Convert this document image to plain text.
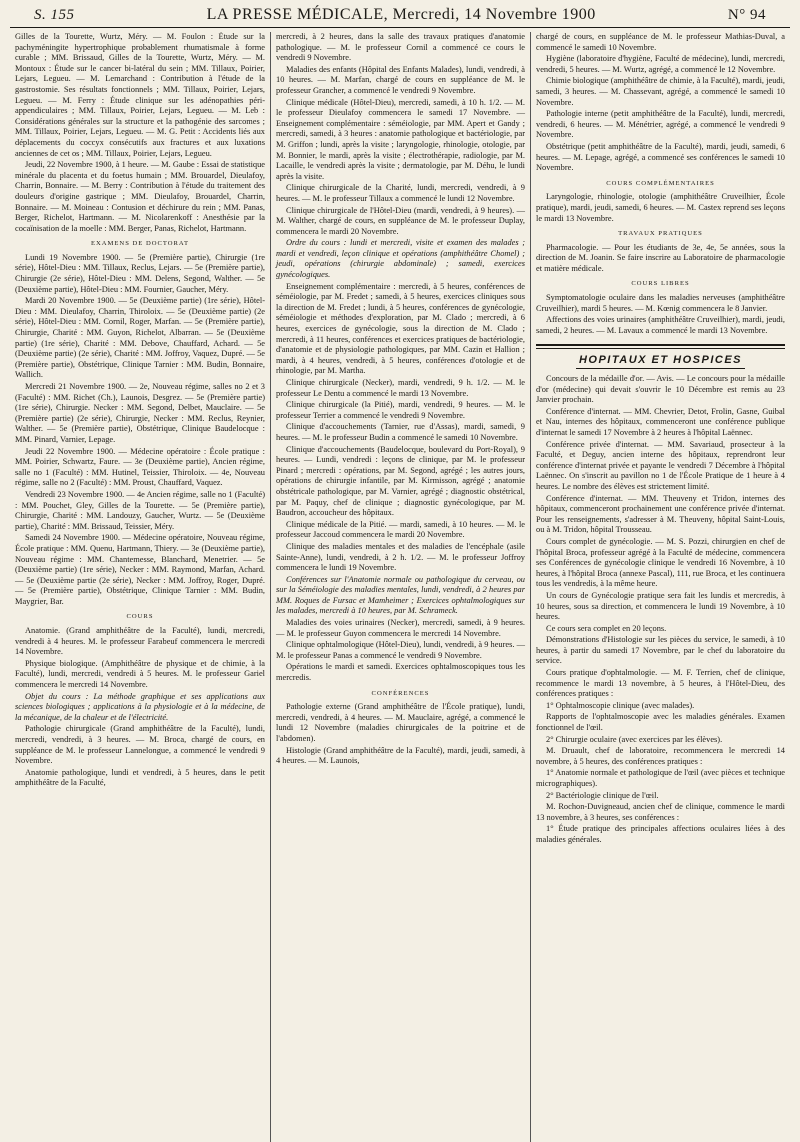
S. 155	LA PRESSE MÉDICALE, Mercredi, 14 Novembre 1900	N° 94

Gilles de la Tourette, Wurtz, Méry. — M. Foulon : Étude sur la pachyméningite hypertrophique probablement rhumatismale à forme curable ; MM. Brissaud, Gilles de la Tourette, Wurtz, Méry. — M. Montoux : Étude sur le cancer bi-latéral du sein ; MM. Tillaux, Poirier, Lejars, Legueu. — M. Lemarchand : Contribution à l'étude de la gastrostomie. Ses résultats fonctionnels ; MM. Tillaux, Poirier, Lejars, Legueu. — M. Ferry : Étude clinique sur les adénopathies péri-appendiculaires ; MM. Tillaux, Poirier, Lejars, Legueu. — M. Leb : Considérations générales sur la structure et la pathogénie des sarcomes ; MM. Tillaux, Poirier, Lejars, Legueu. — M. G. Petit : Accidents liés aux déplacements du coccyx consécutifs aux fractures et aux luxations anciennes de cet os ; MM. Tillaux, Poirier, Lejars, Legueu.

Jeudi, 22 Novembre 1900, à 1 heure. — M. Gaube : Essai de statistique minérale du placenta et du foetus humain ; MM. Brouardel, Dieulafoy, Charrin, Bonnaire. — M. Berry : Contribution à l'étude du traitement des douleurs d'origine gastrique ; MM. Dieulafoy, Brouardel, Charrin, Bonnaire. — M. Moineau : Contusion et déchirure du rein ; MM. Panas, Berger, Richelot, Hartmann. — M. Nicolarenkoff : Anesthésie par la cocaïnisation de la moelle : MM. Berger, Panas, Richelot, Hartmann.

EXAMENS DE DOCTORAT

Lundi 19 Novembre 1900. — 5e (Première partie), Chirurgie (1re série), Hôtel-Dieu : MM. Tillaux, Reclus, Lejars. — 5e (Première partie), Chirurgie (2e série), Hôtel-Dieu : MM. Delens, Segond, Walther. — 5e (Deuxième partie), Hôtel-Dieu : MM. Fournier, Gaucher, Méry.

Mardi 20 Novembre 1900. — 5e (Deuxième partie) (1re série), Hôtel-Dieu : MM. Dieulafoy, Charrin, Thiroloix. — 5e (Deuxième partie) (2e série), Hôtel-Dieu : MM. Cornil, Roger, Marfan. — 5e (Première partie), Chirurgie, Charité : MM. Guyon, Richelot, Albarran. — 5e (Deuxième partie) (1re série), Charité : MM. Debove, Chauffard, Achard. — 5e (Deuxième partie) (2e série), Charité : MM. Joffroy, Vaquez, Dupré. — 5e (Première partie), Obstétrique, Clinique Tarnier : MM. Budin, Bonnaire, Wallich.

Mercredi 21 Novembre 1900. — 2e, Nouveau régime, salles no 2 et 3 (Faculté) : MM. Richet (Ch.), Launois, Desgrez. — 5e (Première partie) (1re série), Chirurgie. Necker : MM. Segond, Delbet, Mauclaire. — 5e (Première partie) (2e série), Chirurgie, Necker : MM. Reclus, Reynier, Walther. — 5e (Première partie), Obstétrique, Clinique Baudelocque : MM. Pinard, Varnier, Lepage.

Jeudi 22 Novembre 1900. — Médecine opératoire : École pratique : MM. Poirier, Schwartz, Faure. — 3e (Deuxième partie), Ancien régime, salle no 1 (Faculté) : MM. Hutinel, Teissier, Thiroloix. — 4e, Nouveau régime, salle no 2 (Faculté) : MM. Proust, Chauffard, Vaquez.

Vendredi 23 Novembre 1900. — 4e Ancien régime, salle no 1 (Faculté) : MM. Pouchet, Gley, Gilles de la Tourette. — 5e (Première partie), Chirurgie, Charité : MM. Landouzy, Gaucher, Wurtz. — 5e (Deuxième partie), Charité : MM. Brissaud, Teissier, Méry.

Samedi 24 Novembre 1900. — Médecine opératoire, Nouveau régime, École pratique : MM. Quenu, Hartmann, Thiery. — 3e (Deuxième partie), Nouveau régime : MM. Chantemesse, Blanchard, Menetrier. — 5e (Deuxième partie) (1re série), Necker : MM. Raymond, Marfan, Achard. — 5e (Deuxième partie (2e série), Necker : MM. Joffroy, Roger, Dupré. — 5e (Première partie), Obstétrique, Clinique Tarnier : MM. Budin, Maygrier, Bar.

COURS

Anatomie. (Grand amphithéâtre de la Faculté), lundi, mercredi, vendredi à 4 heures. M. le professeur Farabeuf commencera le mercredi 14 Novembre.

Physique biologique. (Amphithéâtre de physique et de chimie, à la Faculté), lundi, mercredi, vendredi à 5 heures. M. le professeur Gariel commencera le mercredi 14 Novembre.

Objet du cours : La méthode graphique et ses applications aux sciences biologiques ; applications à la physiologie et à la médecine, de la mécanique, de la chaleur et de l'électricité.

Pathologie chirurgicale (Grand amphithéâtre de la Faculté), lundi, mercredi, vendredi, à 3 heures. — M. Broca, chargé de cours, en suppléance de M. le professeur Lannelongue, a commencé le vendredi 9 Novembre.

Anatomie pathologique, lundi et vendredi, à 5 heures, dans le petit amphithéâtre de la Faculté,

mercredi, à 2 heures, dans la salle des travaux pratiques d'anatomie pathologique. — M. le professeur Cornil a commencé ce cours le vendredi 9 Novembre.

Maladies des enfants (Hôpital des Enfants Malades), lundi, vendredi, à 10 heures. — M. Marfan, chargé de cours en suppléance de M. le professeur Grancher, a commencé le vendredi 9 Novembre.

Clinique médicale (Hôtel-Dieu), mercredi, samedi, à 10 h. 1/2. — M. le professeur Dieulafoy commencera le samedi 17 Novembre. — Enseignement complémentaire : séméiologie, par MM. Apert et Gandy ; mercredi, samedi, à 3 heures : anatomie pathologique et bactériologie, par M. Griffon ; lundi, après la visite ; laryngologie, rhinologie, otologie, par M. Bonnier, le mardi, après la visite ; électrothérapie, radiologie, par M. Lacaille, le vendredi après la visite ; dermatologie, par M. Déhu, le lundi après la visite.

Clinique chirurgicale de la Charité, lundi, mercredi, vendredi, à 9 heures. — M. le professeur Tillaux a commencé le lundi 12 Novembre.

Clinique chirurgicale de l'Hôtel-Dieu (mardi, vendredi, à 9 heures). — M. Walther, chargé de cours, en suppléance de M. le professeur Duplay, commencera le mardi 20 Novembre.

Ordre du cours : lundi et mercredi, visite et examen des malades ; mardi et vendredi, leçon clinique et opérations (amphithéâtre Chomel) ; jeudi, opérations (chirurgie abdominale) ; samedi, exercices gynécologiques.

Enseignement complémentaire : mercredi, à 5 heures, conférences de séméiologie, par M. Fredet ; samedi, à 5 heures, exercices cliniques sous la direction de M. Fredet ; lundi, à 5 heures, conférences de gynécologie, séméiologie et méthodes d'exploration, par M. Clado ; mercredi, à 6 heures, exercices de gynécologie, sous la direction de M. Clado ; mercredi, à 11 heures, conférences et exercices pratiques de bactériologie, d'anatomie et de physiologie pathologiques, par MM. Cazin et Hallion ; mardi, à 4 heures, vendredi, à 5 heures, conférences d'otologie et de rhinologie, par M. Martha.

Clinique chirurgicale (Necker), mardi, vendredi, 9 h. 1/2. — M. le professeur Le Dentu a commencé le mardi 13 Novembre.

Clinique chirurgicale (la Pitié), mardi, vendredi, 9 heures. — M. le professeur Terrier a commencé le vendredi 9 Novembre.

Clinique d'accouchements (Tarnier, rue d'Assas), mardi, samedi, 9 heures. — M. le professeur Budin a commencé le samedi 10 Novembre.

Clinique d'accouchements (Baudelocque, boulevard du Port-Royal), 9 heures. — Lundi, vendredi : leçons de clinique, par M. le professeur Pinard ; mercredi : opérations, par M. Segond, agrégé ; les autres jours, opérations de chirurgie infantile, par M. Kirmisson, agrégé ; anatomie obstétricale pathologique, par M. Varnier, agrégé ; diagnostic obstétrical, par M. Paquy, chef de clinique ; diagnostic gynécologique, par M. Baudron, accoucheur des hôpitaux.

Clinique médicale de la Pitié. — mardi, samedi, à 10 heures. — M. le professeur Jaccoud commencera le mardi 20 Novembre.

Clinique des maladies mentales et des maladies de l'encéphale (asile Sainte-Anne), lundi, vendredi, à 2 h. 1/2. — M. le professeur Joffroy commencera le lundi 19 Novembre.

Conférences sur l'Anatomie normale ou pathologique du cerveau, ou sur la Séméiologie des maladies mentales, lundi, vendredi, à 2 heures par MM. Roques de Fursac et Mamheimer ; Exercices ophtalmologiques sur les malades, mercredi à 10 heures, par M. Schrameck.

Maladies des voies urinaires (Necker), mercredi, samedi, à 9 heures. — M. le professeur Guyon commencera le mercredi 14 Novembre.

Clinique ophtalmologique (Hôtel-Dieu), lundi, vendredi, à 9 heures. — M. le professeur Panas a commencé le vendredi 9 Novembre.

Opérations le mardi et samedi. Exercices ophtalmoscopiques tous les mercredis.

CONFÉRENCES

Pathologie externe (Grand amphithéâtre de l'École pratique), lundi, mercredi, vendredi, à 4 heures. — M. Mauclaire, agrégé, a commencé le lundi 12 Novembre (maladies chirurgicales de la poitrine et de l'abdomen).

Histologie (Grand amphithéâtre de la Faculté), mardi, jeudi, samedi, à 4 heures. — M. Launois,

chargé de cours, en suppléance de M. le professeur Mathias-Duval, a commencé le samedi 10 Novembre.

Hygiène (laboratoire d'hygiène, Faculté de médecine), lundi, mercredi, vendredi, 5 heures. — M. Wurtz, agrégé, a commencé le 12 Novembre.

Chimie biologique (amphithéâtre de chimie, à la Faculté), mardi, jeudi, samedi, 3 heures. — M. Chassevant, agrégé, a commencé le samedi 10 Novembre.

Pathologie interne (petit amphithéâtre de la Faculté), lundi, mercredi, vendredi, 6 heures. — M. Ménétrier, agrégé, a commencé le vendredi 9 Novembre.

Obstétrique (petit amphithéâtre de la Faculté), mardi, jeudi, samedi, 6 heures. — M. Lepage, agrégé, a commencé ses conférences le samedi 10 Novembre.

COURS COMPLÉMENTAIRES

Laryngologie, rhinologie, otologie (amphithéâtre Cruveilhier, École pratique), mardi, jeudi, samedi, 6 heures. — M. Castex reprend ses leçons le mardi 13 Novembre.

TRAVAUX PRATIQUES

Pharmacologie. — Pour les étudiants de 3e, 4e, 5e années, sous la direction de M. Joanin. Se faire inscrire au Laboratoire de pharmacologie et matière médicale.

COURS LIBRES

Symptomatologie oculaire dans les maladies nerveuses (amphithéâtre Cruveilhier), mardi 5 heures. — M. Kœnig commencera le 8 Janvier.

Affections des voies urinaires (amphithéâtre Cruveilhier), mardi, jeudi, samedi, 2 heures. — M. Lavaux a commencé le mardi 13 Novembre.

HOPITAUX ET HOSPICES

Concours de la médaille d'or. — Avis. — Le concours pour la médaille d'or (médecine) qui devait s'ouvrir le 10 Décembre est remis au 23 Janvier prochain.

Conférence d'internat. — MM. Chevrier, Detot, Frolin, Gasne, Guibal et Nau, internes des hôpitaux, commenceront une conférence publique d'internat le samedi 17 Novembre à 2 heures à l'hôpital Laënnec.

Conférence privée d'internat. — MM. Savariaud, prosecteur à la Faculté, et Deguy, ancien interne des hôpitaux, reprendront leur conférence d'internat privée et payante le vendredi 7 Décembre à l'hôpital Laënnec. On s'inscrit au pavillon no 1 de l'École Pratique de 1 heure à 4 heures. Le nombre des élèves est strictement limité.

Conférence d'internat. — MM. Theuveny et Tridon, internes des hôpitaux, commenceront prochainement une conférence privée d'internat. Pour les renseignements, s'adresser à M. Theuveny, hôpital Saint-Louis, ou à M. Tridon, hôpital Trousseau.

Cours complet de gynécologie. — M. S. Pozzi, chirurgien en chef de l'hôpital Broca, professeur agrégé à la Faculté de médecine, commencera ses Conférences de gynécologie clinique le vendredi 16 Novembre, à 10 heures, à l'hôpital Broca (annexe Pascal), 111, rue Broca, et les continuera tous les vendredis, à la même heure.

Un cours de Gynécologie pratique sera fait les lundis et mercredis, à 10 heures, sous sa direction, et commencera le lundi 19 Novembre, à 10 heures.

Ce cours sera complet en 20 leçons.

Démonstrations d'Histologie sur les pièces du service, le samedi, à 10 heures, à partir du samedi 17 Novembre, par le chef du laboratoire du service.

Cours pratique d'ophtalmologie. — M. F. Terrien, chef de clinique, recommence le mardi 13 novembre, à 5 heures, à l'Hôtel-Dieu, des conférences pratiques :

1° Ophtalmoscopie clinique (avec malades).

Rapports de l'ophtalmoscopie avec les maladies générales. Examen fonctionnel de l'œil.

2° Chirurgie oculaire (avec exercices par les élèves).

M. Druault, chef de laboratoire, recommencera le mercredi 14 novembre, à 5 heures, des conférences pratiques :

1° Anatomie normale et pathologique de l'œil (avec pièces et technique micrographiques).

2° Bactériologie clinique de l'œil.

M. Rochon-Duvigneaud, ancien chef de clinique, commence le mardi 13 novembre, à 3 heures, ses conférences :

1° Étude pratique des principales affections oculaires liées à des maladies générales.
